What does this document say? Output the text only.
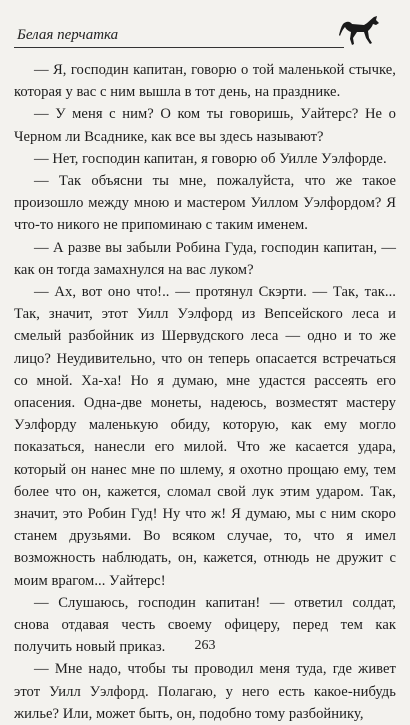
Белая перчатка

— Я, господин капитан, говорю о той маленькой стычке, которая у вас с ним вышла в тот день, на празднике.

— У меня с ним? О ком ты говоришь, Уайтерс? Не о Черном ли Всаднике, как все вы здесь называют?

— Нет, господин капитан, я говорю об Уилле Уэлфорде.

— Так объясни ты мне, пожалуйста, что же такое произошло между мною и мастером Уиллом Уэлфордом? Я что-то никого не припоминаю с таким именем.

— А разве вы забыли Робина Гуда, господин капитан, — как он тогда замахнулся на вас луком?

— Ах, вот оно что!.. — протянул Скэрти. — Так, так... Так, значит, этот Уилл Уэлфорд из Вепсейского леса и смелый разбойник из Шервудского леса — одно и то же лицо? Неудивительно, что он теперь опасается встречаться со мной. Ха-ха! Но я думаю, мне удастся рассеять его опасения. Одна-две монеты, надеюсь, возместят мастеру Уэлфорду маленькую обиду, которую, как ему могло показаться, нанесли его милой. Что же касается удара, который он нанес мне по шлему, я охотно прощаю ему, тем более что он, кажется, сломал свой лук этим ударом. Так, значит, это Робин Гуд! Ну что ж! Я думаю, мы с ним скоро станем друзьями. Во всяком случае, то, что я имел возможность наблюдать, он, кажется, отнюдь не дружит с моим врагом... Уайтерс!

— Слушаюсь, господин капитан! — ответил солдат, снова отдавая честь своему офицеру, перед тем как получить новый приказ.

— Мне надо, чтобы ты проводил меня туда, где живет этот Уилл Уэлфорд. Полагаю, у него есть какое-нибудь жилье? Или, может быть, он, подобно тому разбойнику,

263
